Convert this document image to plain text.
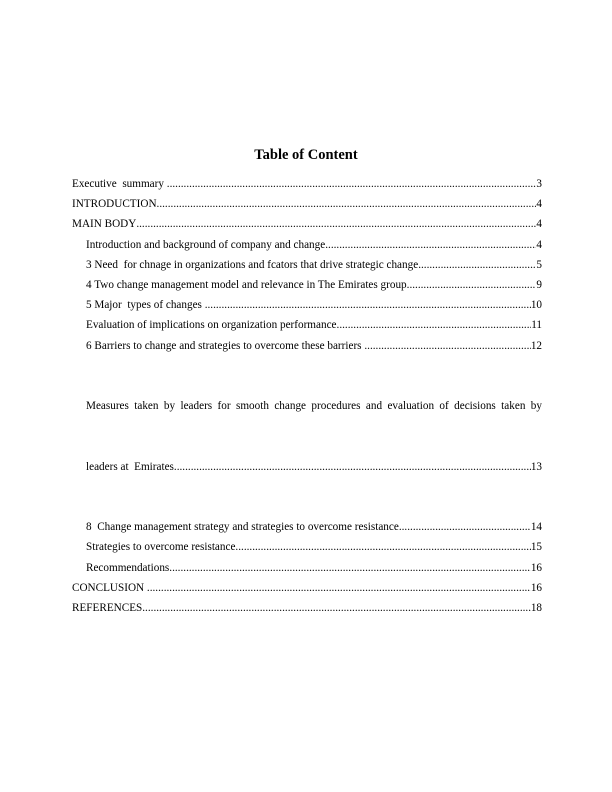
Table of Content
Executive  summary .....	3
INTRODUCTION .....	4
MAIN BODY .....	4
Introduction and background of company and change .....	4
3 Need  for chnage in organizations and fcators that drive strategic change .....	5
4 Two change management model and relevance in The Emirates group .....	9
5 Major  types of changes .....	10
Evaluation of implications on organization performance .....	11
6 Barriers to change and strategies to overcome these barriers .....	12

Measures taken by leaders for smooth change procedures and evaluation of decisions taken by

leaders at  Emirates .....	13

8  Change management strategy and strategies to overcome resistance .....	14
Strategies to overcome resistance .....	15
Recommendations .....	16
CONCLUSION .....	16
REFERENCES .....	18
